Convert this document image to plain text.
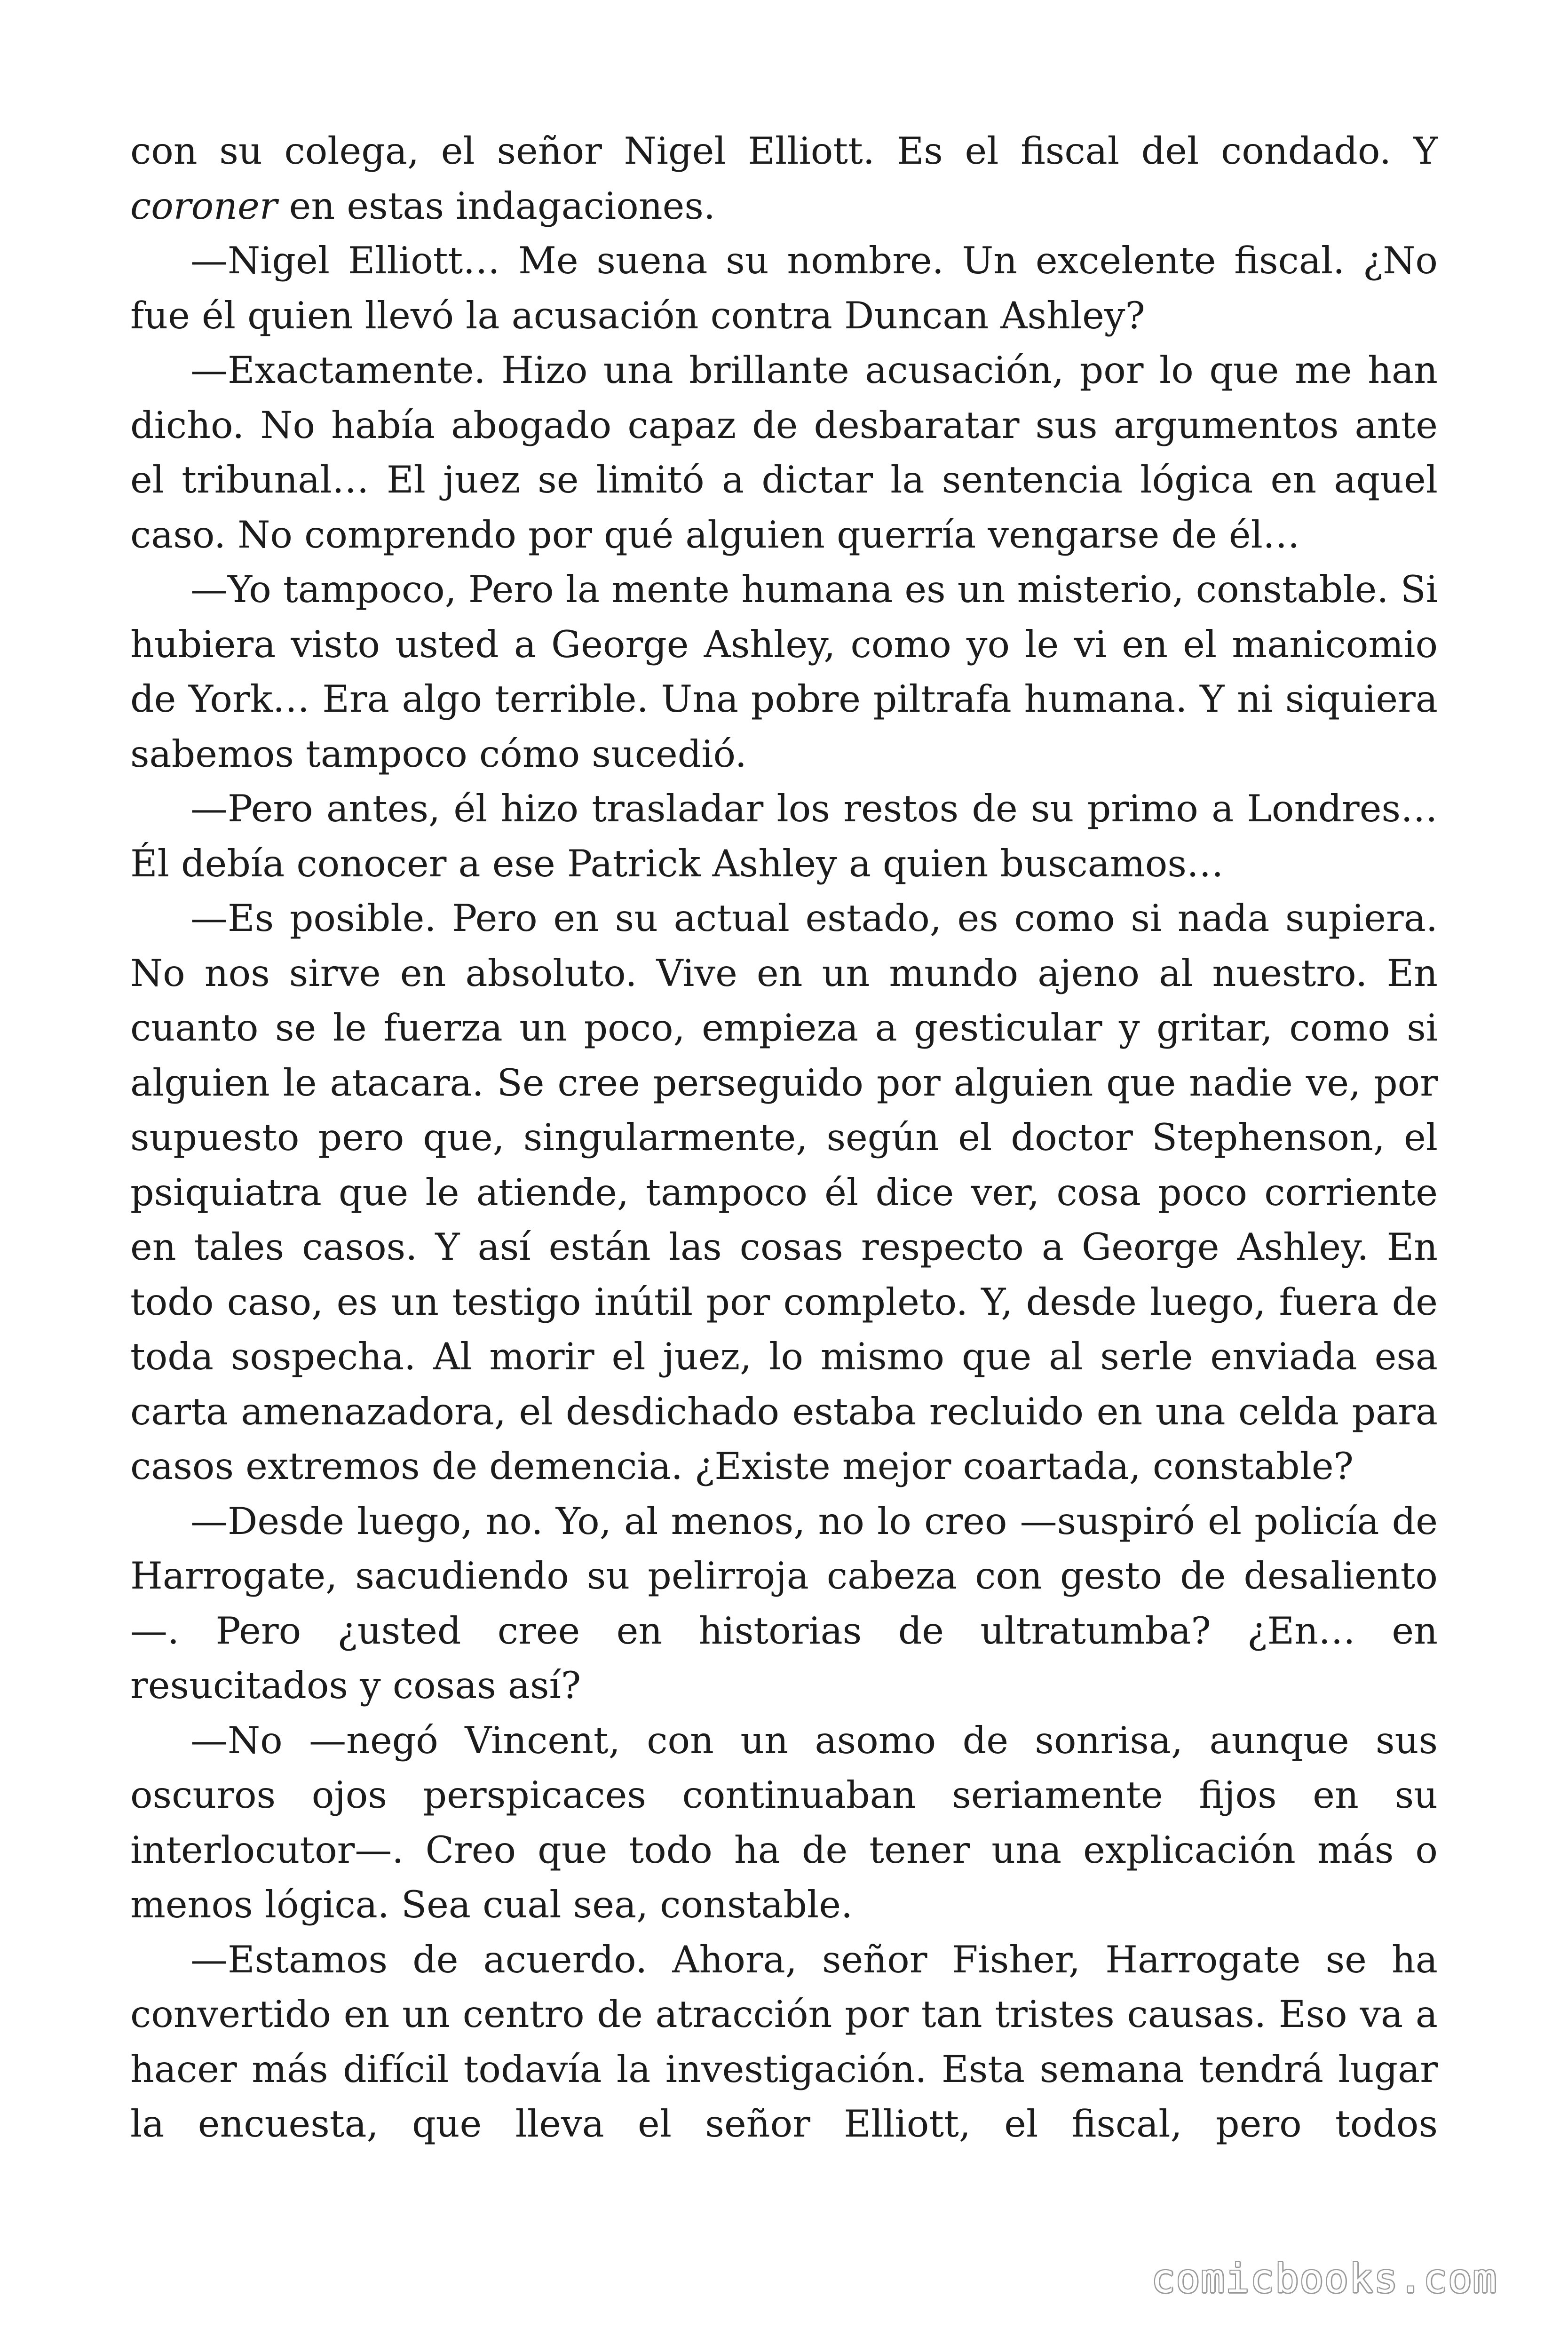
con su colega, el señor Nigel Elliott. Es el fiscal del condado. Y coroner en estas indagaciones.

—Nigel Elliott… Me suena su nombre. Un excelente fiscal. ¿No fue él quien llevó la acusación contra Duncan Ashley?

—Exactamente. Hizo una brillante acusación, por lo que me han dicho. No había abogado capaz de desbaratar sus argumentos ante el tribunal… El juez se limitó a dictar la sentencia lógica en aquel caso. No comprendo por qué alguien querría vengarse de él…

—Yo tampoco, Pero la mente humana es un misterio, constable. Si hubiera visto usted a George Ashley, como yo le vi en el manicomio de York… Era algo terrible. Una pobre piltrafa humana. Y ni siquiera sabemos tampoco cómo sucedió.

—Pero antes, él hizo trasladar los restos de su primo a Londres… Él debía conocer a ese Patrick Ashley a quien buscamos…

—Es posible. Pero en su actual estado, es como si nada supiera. No nos sirve en absoluto. Vive en un mundo ajeno al nuestro. En cuanto se le fuerza un poco, empieza a gesticular y gritar, como si alguien le atacara. Se cree perseguido por alguien que nadie ve, por supuesto pero que, singularmente, según el doctor Stephenson, el psiquiatra que le atiende, tampoco él dice ver, cosa poco corriente en tales casos. Y así están las cosas respecto a George Ashley. En todo caso, es un testigo inútil por completo. Y, desde luego, fuera de toda sospecha. Al morir el juez, lo mismo que al serle enviada esa carta amenazadora, el desdichado estaba recluido en una celda para casos extremos de demencia. ¿Existe mejor coartada, constable?

—Desde luego, no. Yo, al menos, no lo creo —suspiró el policía de Harrogate, sacudiendo su pelirroja cabeza con gesto de desaliento—. Pero ¿usted cree en historias de ultratumba? ¿En… en resucitados y cosas así?

—No —negó Vincent, con un asomo de sonrisa, aunque sus oscuros ojos perspicaces continuaban seriamente fijos en su interlocutor—. Creo que todo ha de tener una explicación más o menos lógica. Sea cual sea, constable.

—Estamos de acuerdo. Ahora, señor Fisher, Harrogate se ha convertido en un centro de atracción por tan tristes causas. Eso va a hacer más difícil todavía la investigación. Esta semana tendrá lugar la encuesta, que lleva el señor Elliott, el fiscal, pero todos

comicbooks.com
